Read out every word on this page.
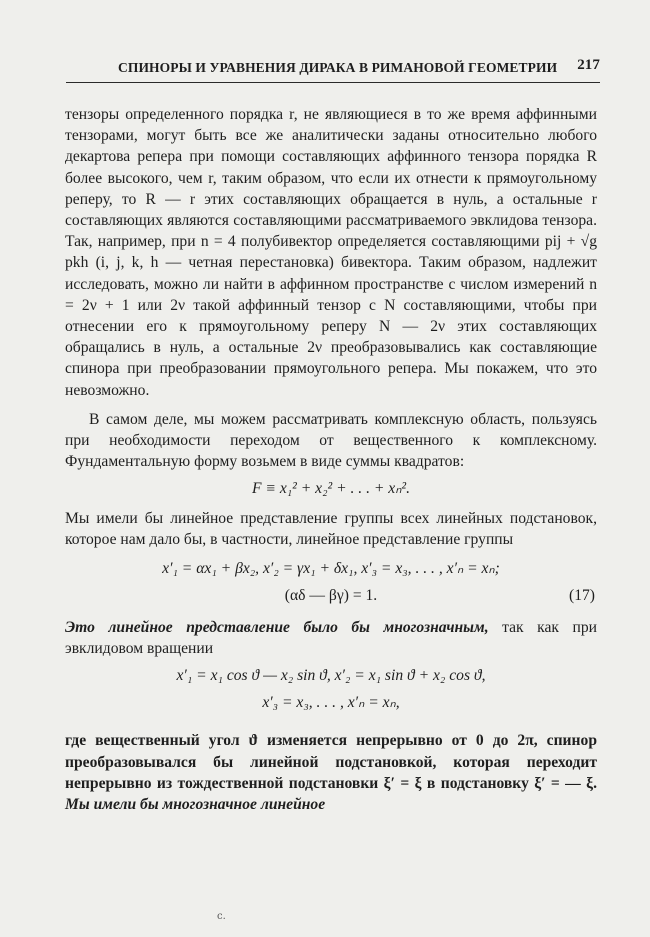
СПИНОРЫ И УРАВНЕНИЯ ДИРАКА В РИМАНОВОЙ ГЕОМЕТРИИ 217

тензоры определенного порядка r, не являющиеся в то же время аффинными тензорами, могут быть все же аналитически заданы относительно любого декартова репера при помощи составляющих аффинного тензора порядка R более высокого, чем r, таким образом, что если их отнести к прямоугольному реперу, то R — r этих составляющих обращается в нуль, а остальные r составляющих являются составляющими рассматриваемого эвклидова тензора. Так, например, при n = 4 полубивектор определяется составляющими pij + √g pkh (i, j, k, h — четная перестановка) бивектора. Таким образом, надлежит исследовать, можно ли найти в аффинном пространстве с числом измерений n = 2ν + 1 или 2ν такой аффинный тензор с N составляющими, чтобы при отнесении его к прямоугольному реперу N — 2ν этих составляющих обращались в нуль, а остальные 2ν преобразовывались как составляющие спинора при преобразовании прямоугольного репера. Мы покажем, что это невозможно.

В самом деле, мы можем рассматривать комплексную область, пользуясь при необходимости переходом от вещественного к комплексному. Фундаментальную форму возьмем в виде суммы квадратов:

F ≡ x₁² + x₂² + . . . + xₙ².

Мы имели бы линейное представление группы всех линейных подстановок, которое нам дало бы, в частности, линейное представление группы

x′₁ = αx₁ + βx₂, x′₂ = γx₁ + δx₁, x′₃ = x₃, . . . , x′ₙ = xₙ;
(αδ — βγ) = 1.	(17)

Это линейное представление было бы многозначным, так как при эвклидовом вращении

x′₁ = x₁ cos ϑ — x₂ sin ϑ, x′₂ = x₁ sin ϑ + x₂ cos ϑ,
x′₃ = x₃, . . . , x′ₙ = xₙ,

где вещественный угол ϑ изменяется непрерывно от 0 до 2π, спинор преобразовывался бы линейной подстановкой, которая переходит непрерывно из тождественной подстановки ξ′ = ξ в подстановку ξ′ = — ξ. Мы имели бы многозначное линейное

c.
